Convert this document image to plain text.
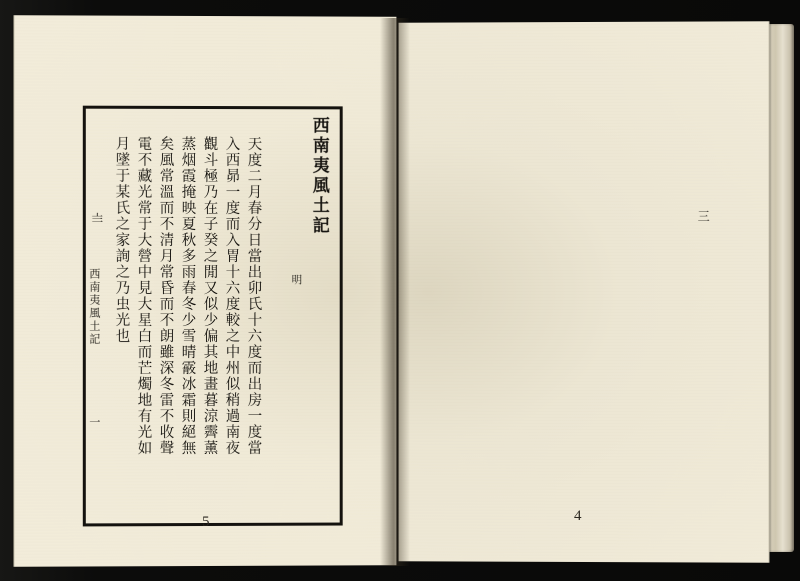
三
西南夷風土記
明
天度二月春分日當出卯氏十六度而出房一度當
入西昴一度而入胃十六度較之中州似稍過南夜
觀斗極乃在子癸之閒又似少偏其地畫暮涼霽薰
蒸烟霞掩映夏秋多雨春冬少雪晴霰冰霜則絕無
矣風常溫而不清月常昏而不朗雖深冬雷不收聲
電不藏光常于大營中見大星白而芒燭地有光如
月墜于某氏之家詢之乃虫光也
〨
西南夷風土記
一
5	4
